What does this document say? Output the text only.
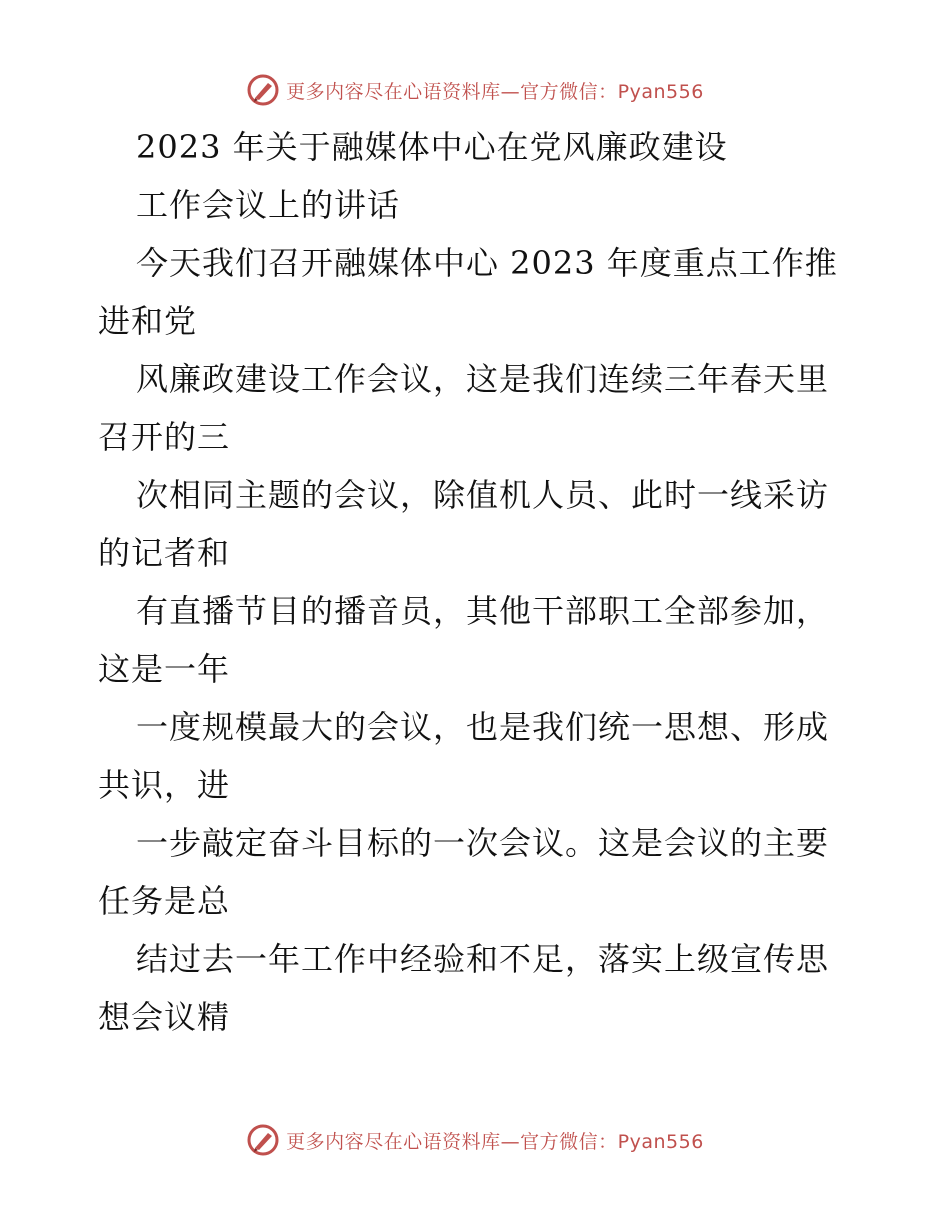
更多内容尽在心语资料库—官方微信：Pyan556
2023 年关于融媒体中心在党风廉政建设
工作会议上的讲话
今天我们召开融媒体中心 2023 年度重点工作推
进和党
风廉政建设工作会议，这是我们连续三年春天里
召开的三
次相同主题的会议，除值机人员、此时一线采访
的记者和
有直播节目的播音员，其他干部职工全部参加，
这是一年
一度规模最大的会议，也是我们统一思想、形成
共识，进
一步敲定奋斗目标的一次会议。这是会议的主要
任务是总
结过去一年工作中经验和不足，落实上级宣传思
想会议精
更多内容尽在心语资料库—官方微信：Pyan556
